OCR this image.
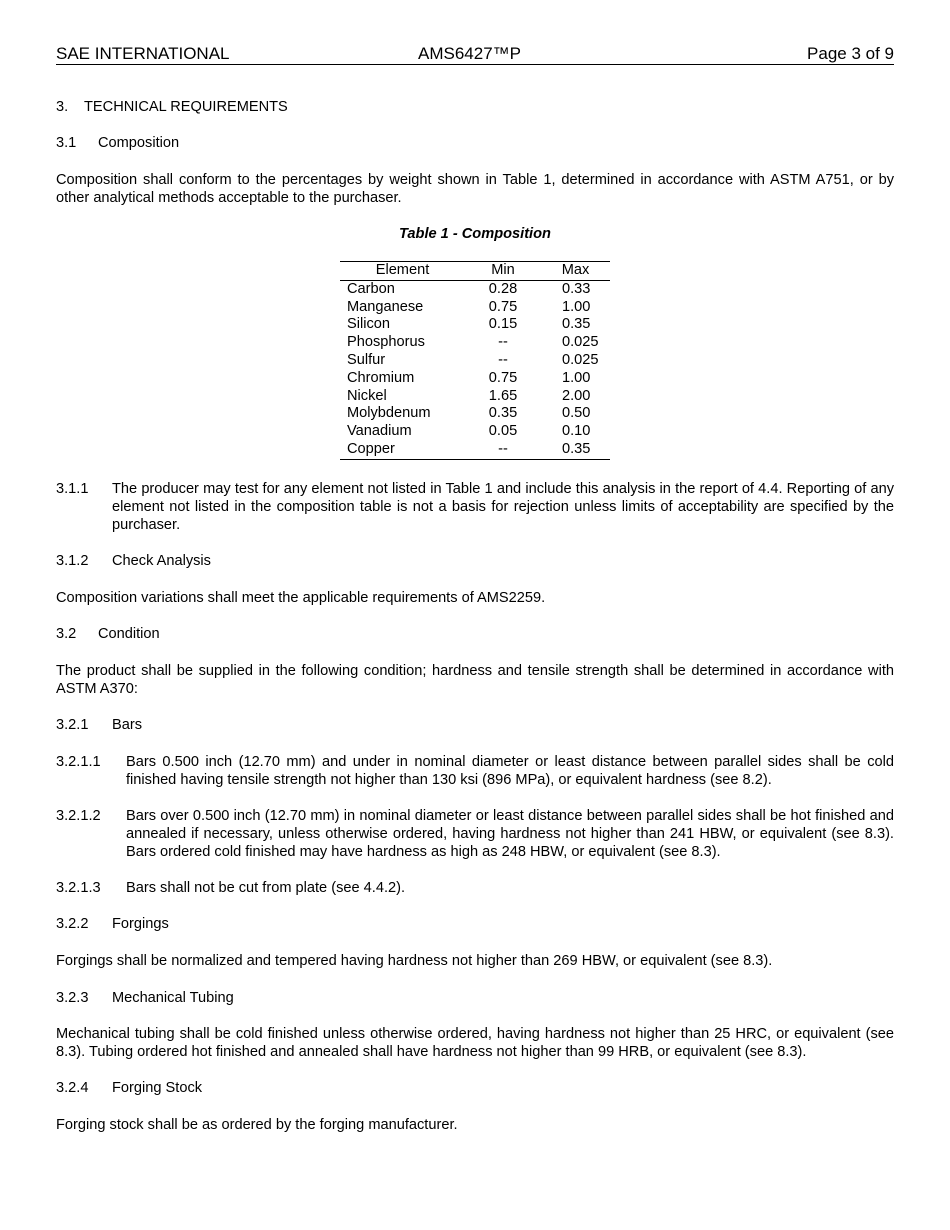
SAE INTERNATIONAL	AMS6427™P	Page 3 of 9
3. TECHNICAL REQUIREMENTS
3.1 Composition
Composition shall conform to the percentages by weight shown in Table 1, determined in accordance with ASTM A751, or by other analytical methods acceptable to the purchaser.
Table 1 - Composition
Element	Min	Max
Carbon	0.28	0.33
Manganese	0.75	1.00
Silicon	0.15	0.35
Phosphorus	--	0.025
Sulfur	--	0.025
Chromium	0.75	1.00
Nickel	1.65	2.00
Molybdenum	0.35	0.50
Vanadium	0.05	0.10
Copper	--	0.35
3.1.1 The producer may test for any element not listed in Table 1 and include this analysis in the report of 4.4. Reporting of any element not listed in the composition table is not a basis for rejection unless limits of acceptability are specified by the purchaser.
3.1.2 Check Analysis
Composition variations shall meet the applicable requirements of AMS2259.
3.2 Condition
The product shall be supplied in the following condition; hardness and tensile strength shall be determined in accordance with ASTM A370:
3.2.1 Bars
3.2.1.1 Bars 0.500 inch (12.70 mm) and under in nominal diameter or least distance between parallel sides shall be cold finished having tensile strength not higher than 130 ksi (896 MPa), or equivalent hardness (see 8.2).
3.2.1.2 Bars over 0.500 inch (12.70 mm) in nominal diameter or least distance between parallel sides shall be hot finished and annealed if necessary, unless otherwise ordered, having hardness not higher than 241 HBW, or equivalent (see 8.3). Bars ordered cold finished may have hardness as high as 248 HBW, or equivalent (see 8.3).
3.2.1.3 Bars shall not be cut from plate (see 4.4.2).
3.2.2 Forgings
Forgings shall be normalized and tempered having hardness not higher than 269 HBW, or equivalent (see 8.3).
3.2.3 Mechanical Tubing
Mechanical tubing shall be cold finished unless otherwise ordered, having hardness not higher than 25 HRC, or equivalent (see 8.3). Tubing ordered hot finished and annealed shall have hardness not higher than 99 HRB, or equivalent (see 8.3).
3.2.4 Forging Stock
Forging stock shall be as ordered by the forging manufacturer.
